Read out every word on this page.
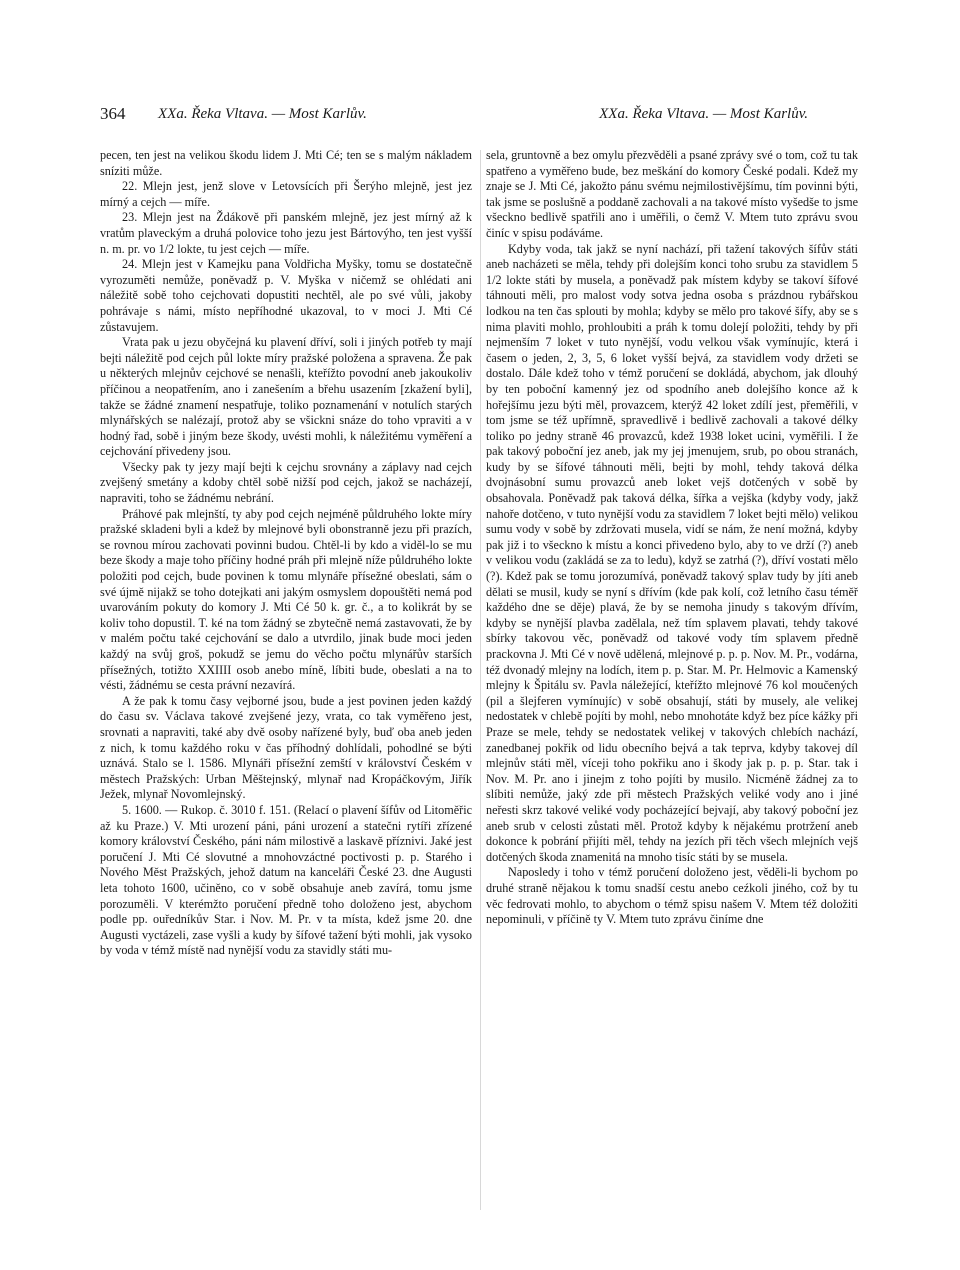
364 XXa. Řeka Vltava. — Most Karlův.	XXa. Řeka Vltava. — Most Karlův.

pecen, ten jest na velikou škodu lidem J. Mti Cé; ten se s malým nákladem sníziti může.

22. Mlejn jest, jenž slove v Letovsících při Šerýho mlejně, jest jez mírný a cejch — míře.

23. Mlejn jest na Ždákově při panském mlejně, jez jest mírný až k vratům plaveckým a druhá polovice toho jezu jest Bártovýho, ten jest vyšší n. m. pr. vo 1/2 lokte, tu jest cejch — míře.

24. Mlejn jest v Kamejku pana Voldřicha Myšky, tomu se dostatečně vyrozuměti nemůže, poněvadž p. V. Myška v ničemž se ohlédati ani náležitě sobě toho cejchovati dopustiti nechtěl, ale po své vůli, jakoby pohrávaje s námi, místo nepříhodné ukazoval, to v moci J. Mti Cé zůstavujem.

Vrata pak u jezu obyčejná ku plavení dříví, soli i jiných potřeb ty mají bejti náležitě pod cejch půl lokte míry pražské položena a spravena. Že pak u některých mlejnův cejchové se nenašli, kteřížto povodní aneb jakoukoliv příčinou a neopatřením, ano i zanešením a břehu usazením [zkažení byli], takže se žádné znamení nespatřuje, toliko poznamenání v notulích starých mlynářských se nalézají, protož aby se všickni snáze do toho vpraviti a v hodný řad, sobě i jiným beze škody, uvésti mohli, k náležitému vyměření a cejchování přivedeny jsou.

Všecky pak ty jezy mají bejti k cejchu srovnány a záplavy nad cejch zvejšený smetány a kdoby chtěl sobě nižší pod cejch, jakož se nacházejí, napraviti, toho se žádnému nebrání.

Práhové pak mlejnští, ty aby pod cejch nejméně půldruhého lokte míry pražské skladeni byli a kdež by mlejnové byli obonstranně jezu při prazích, se rovnou mírou zachovati povinni budou. Chtěl-li by kdo a viděl-lo se mu beze škody a maje toho příčiny hodné práh při mlejně níže půldruhého lokte položiti pod cejch, bude povinen k tomu mlynáře přísežné obeslati, sám o své újmě nijakž se toho dotejkati ani jakým osmyslem dopouštěti nemá pod uvarováním pokuty do komory J. Mti Cé 50 k. gr. č., a to kolikrát by se koliv toho dopustil. T. ké na tom žádný se zbytečně nemá zastavovati, že by v malém počtu také cejchování se dalo a utvrdilo, jinak bude moci jeden každý na svůj groš, pokudž se jemu do věcho počtu mlynářův starších přísežných, totižto XXIIII osob anebo míně, líbiti bude, obeslati a na to vésti, žádnému se cesta právní nezavírá.

A že pak k tomu časy vejborné jsou, bude a jest povinen jeden každý do času sv. Václava takové zvejšené jezy, vrata, co tak vyměřeno jest, srovnati a napraviti, také aby dvě osoby nařízené byly, buď oba aneb jeden z nich, k tomu každého roku v čas příhodný dohlídali, pohodlné se býti uznává. Stalo se l. 1586. Mlynáři přísežní zemští v království Českém v městech Pražských: Urban Měštejnský, mlynař nad Kropáčkovým, Jiřík Ježek, mlynař Novomlejnský.

5. 1600. — Rukop. č. 3010 f. 151. (Relací o plavení šífův od Litoměřic až ku Praze.) V. Mti urození páni, páni urození a statečni rytíři zřízené komory království Českého, páni nám milostivě a laskavě příznivi. Jaké jest poručení J. Mti Cé slovutné a mnohovzáctné poctivosti p. p. Starého i Nového Měst Pražských, jehož datum na kanceláři České 23. dne Augusti leta tohoto 1600, učiněno, co v sobě obsahuje aneb zavírá, tomu jsme porozuměli. V kterémžto poručení předně toho doloženo jest, abychom podle pp. ouředníkův Star. i Nov. M. Pr. v ta místa, kdež jsme 20. dne Augusti vyctázeli, zase vyšli a kudy by šífové tažení býti mohli, jak vysoko by voda v témž místě nad nynější vodu za stavidly státi mu-

sela, gruntovně a bez omylu přezvěděli a psané zprávy své o tom, což tu tak spatřeno a vyměřeno bude, bez meškání do komory České podali. Kdež my znaje se J. Mti Cé, jakožto pánu svému nejmilostivějšímu, tím povinni býti, tak jsme se poslušně a poddaně zachovali a na takové místo vyšedše to jsme všeckno bedlivě spatřili ano i uměřili, o čemž V. Mtem tuto zprávu svou činíc v spisu podáváme.

Kdyby voda, tak jakž se nyní nachází, při tažení takových šífův státi aneb nacházeti se měla, tehdy při dolejším konci toho srubu za stavidlem 5 1/2 lokte státi by musela, a poněvadž pak místem kdyby se takoví šífové táhnouti měli, pro malost vody sotva jedna osoba s prázdnou rybářskou lodkou na ten čas splouti by mohla; kdyby se mělo pro takové šífy, aby se s nima plaviti mohlo, prohloubiti a práh k tomu dolejí položiti, tehdy by při nejmenším 7 loket v tuto nynější, vodu velkou však vymínujíc, která i časem o jeden, 2, 3, 5, 6 loket vyšší bejvá, za stavidlem vody držeti se dostalo. Dále kdež toho v témž poručení se dokládá, abychom, jak dlouhý by ten poboční kamenný jez od spodního aneb dolejšího konce až k hořejšímu jezu býti měl, provazcem, kterýž 42 loket zdílí jest, přeměřili, v tom jsme se též upřímně, spravedlivě i bedlivě zachovali a takové délky toliko po jedny straně 46 provazců, kdež 1938 loket ucini, vyměřili. I že pak takový poboční jez aneb, jak my jej jmenujem, srub, po obou stranách, kudy by se šífové táhnouti měli, bejti by mohl, tehdy taková délka dvojnásobní sumu provazců aneb loket vejš dotčených v sobě by obsahovala. Poněvadž pak taková délka, šířka a vejška (kdyby vody, jakž nahoře dotčeno, v tuto nynější vodu za stavidlem 7 loket bejti mělo) velikou sumu vody v sobě by zdržovati musela, vidí se nám, že není možná, kdyby pak již i to všeckno k místu a konci přivedeno bylo, aby to ve drží (?) aneb v velikou vodu (zakládá se za to ledu), když se zatrhá (?), dříví vostati mělo (?). Kdež pak se tomu jorozumívá, poněvadž takový splav tudy by jíti aneb dělati se musil, kudy se nyní s dřívím (kde pak kolí, což letního času téměř každého dne se děje) plavá, že by se nemoha jinudy s takovým dřívím, kdyby se nynější plavba zadělala, než tím splavem plavati, tehdy takové sbírky takovou věc, poněvadž od takové vody tím splavem předně prackovna J. Mti Cé v nově udělená, mlejnové p. p. p. Nov. M. Pr., vodárna, též dvonadý mlejny na lodích, item p. p. Star. M. Pr. Helmovic a Kamenský mlejny k Špitálu sv. Pavla náležející, kteřížto mlejnové 76 kol moučených (pil a šlejferen vymínujíc) v sobě obsahují, státi by musely, ale velikej nedostatek v chlebě pojíti by mohl, nebo mnohotáte když bez píce kážky při Praze se mele, tehdy se nedostatek velikej v takových chlebích nachází, zanedbanej pokřik od lidu obecního bejvá a tak teprva, kdyby takovej díl mlejnův státi měl, víceji toho pokřiku ano i škody jak p. p. p. Star. tak i Nov. M. Pr. ano i jinejm z toho pojíti by musilo. Nicméně žádnej za to slíbiti nemůže, jaký zde při městech Pražských veliké vody ano i jiné neřesti skrz takové veliké vody pocházející bejvají, aby takový poboční jez aneb srub v celosti zůstati měl. Protož kdyby k nějakému protržení aneb dokonce k pobrání přijíti měl, tehdy na jezích při těch všech mlejních vejš dotčených škoda znamenitá na mnoho tisíc státi by se musela.

Naposledy i toho v témž poručení doloženo jest, věděli-li bychom po druhé straně nějakou k tomu snadší cestu anebo ceźkoli jiného, což by tu věc fedrovati mohlo, to abychom o témž spisu našem V. Mtem též doložiti nepominuli, v příčině ty V. Mtem tuto zprávu činíme dne
